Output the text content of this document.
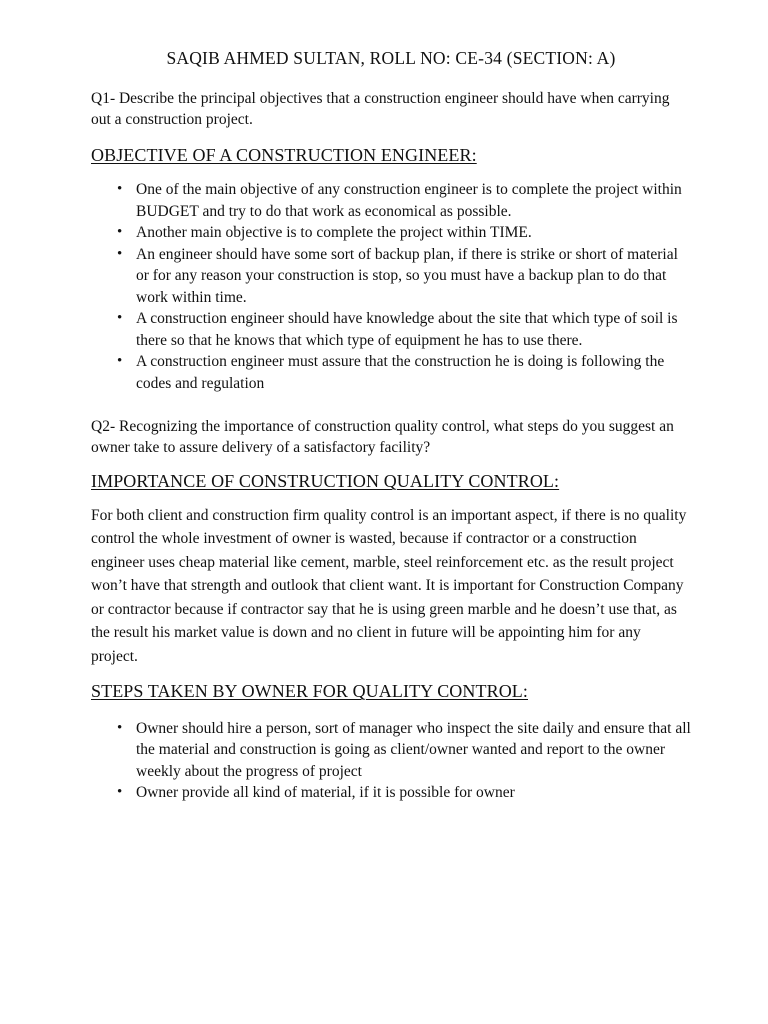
SAQIB AHMED SULTAN, ROLL NO: CE-34 (SECTION: A)

Q1- Describe the principal objectives that a construction engineer should have when carrying out a construction project.

OBJECTIVE OF A CONSTRUCTION ENGINEER:
• One of the main objective of any construction engineer is to complete the project within BUDGET and try to do that work as economical as possible.
• Another main objective is to complete the project within TIME.
• An engineer should have some sort of backup plan, if there is strike or short of material or for any reason your construction is stop, so you must have a backup plan to do that work within time.
• A construction engineer should have knowledge about the site that which type of soil is there so that he knows that which type of equipment he has to use there.
• A construction engineer must assure that the construction he is doing is following the codes and regulation

Q2- Recognizing the importance of construction quality control, what steps do you suggest an owner take to assure delivery of a satisfactory facility?

IMPORTANCE OF CONSTRUCTION QUALITY CONTROL:

For both client and construction firm quality control is an important aspect, if there is no quality control the whole investment of owner is wasted, because if contractor or a construction engineer uses cheap material like cement, marble, steel reinforcement etc. as the result project won’t have that strength and outlook that client want. It is important for Construction Company or contractor because if contractor say that he is using green marble and he doesn’t use that, as the result his market value is down and no client in future will be appointing him for any project.

STEPS TAKEN BY OWNER FOR QUALITY CONTROL:
• Owner should hire a person, sort of manager who inspect the site daily and ensure that all the material and construction is going as client/owner wanted and report to the owner weekly about the progress of project
• Owner provide all kind of material, if it is possible for owner
